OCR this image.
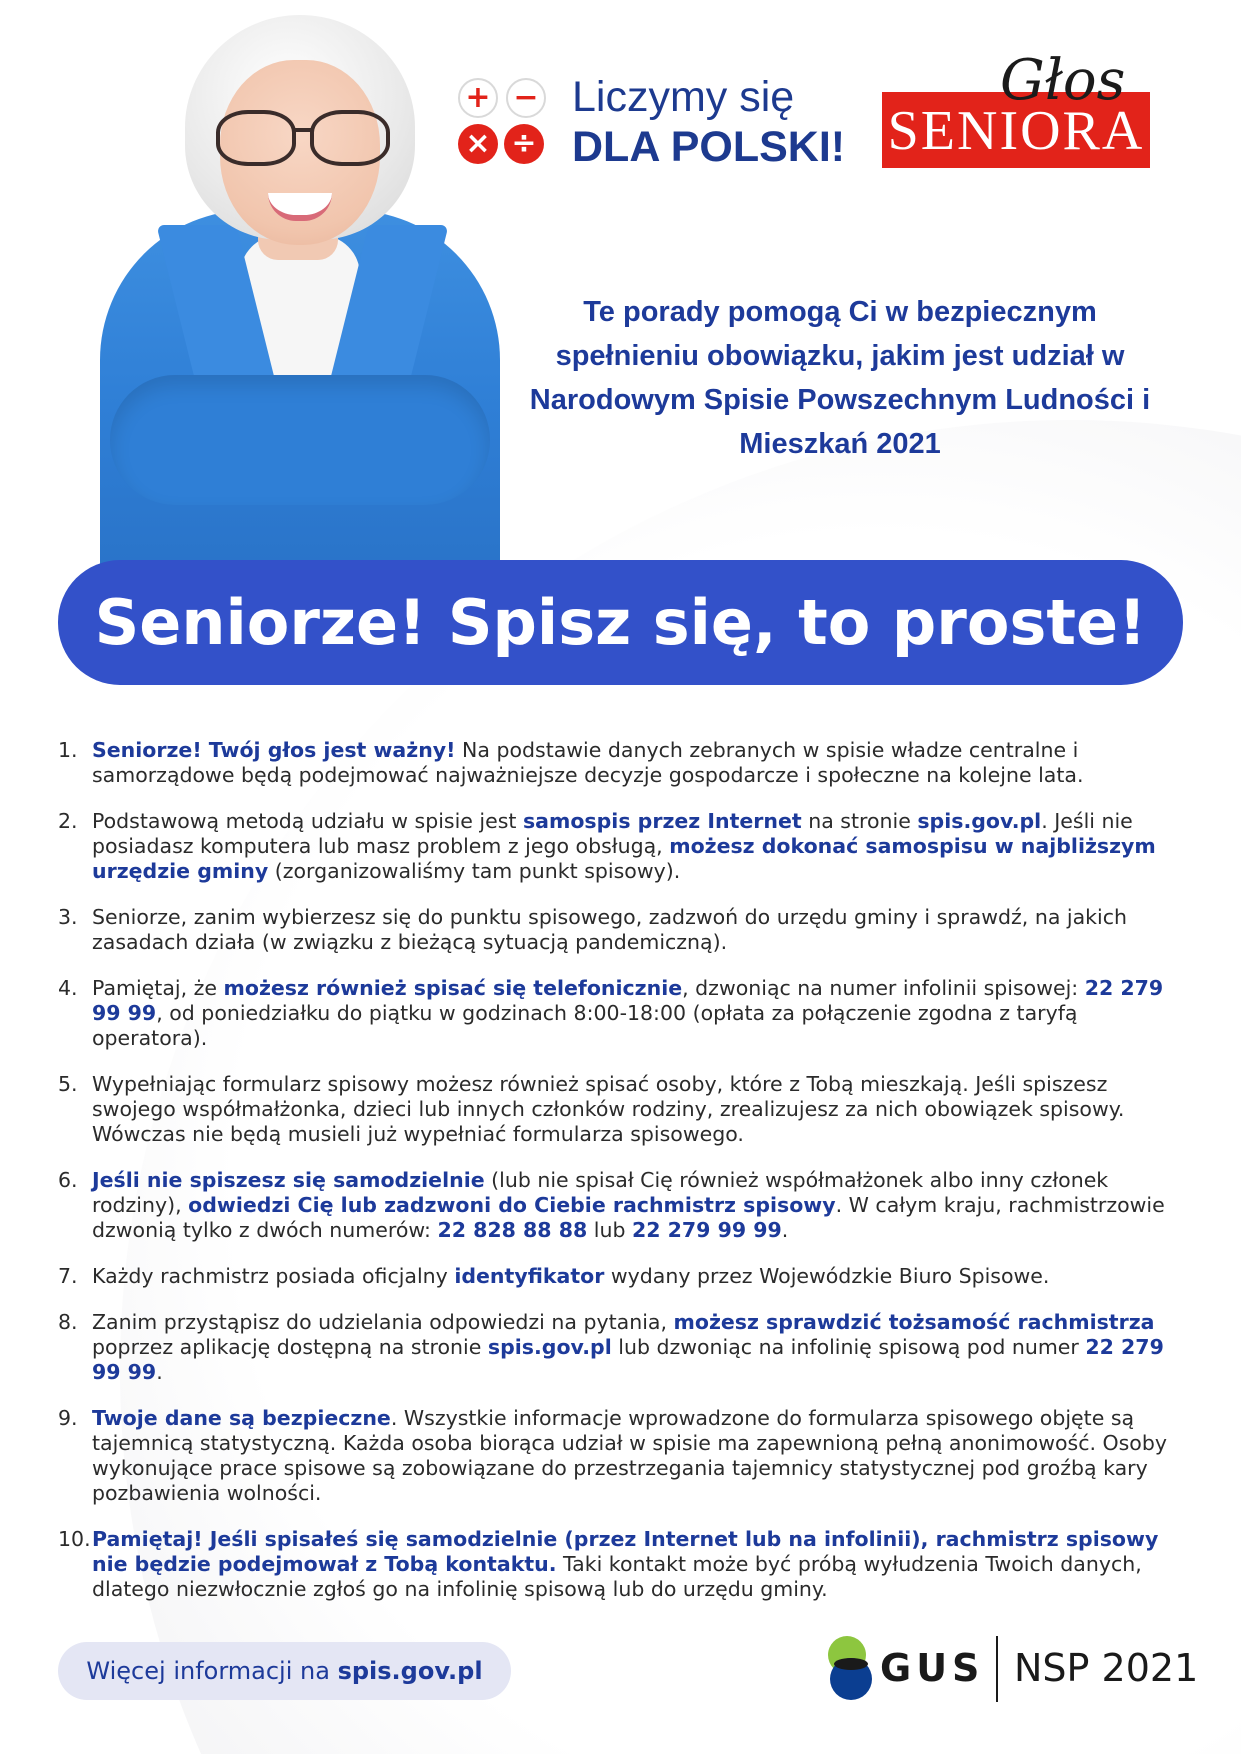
+ −
× ÷
Liczymy się
DLA POLSKI! SENIORA
Głos
Te porady pomogą Ci w bezpiecznym spełnieniu obowiązku, jakim jest udział w Narodowym Spisie Powszechnym Ludności i Mieszkań 2021
Seniorze! Spisz się, to proste!
1. Seniorze! Twój głos jest ważny! Na podstawie danych zebranych w spisie władze centralne i samorządowe będą podejmować najważniejsze decyzje gospodarcze i społeczne na kolejne lata.
2. Podstawową metodą udziału w spisie jest samospis przez Internet na stronie spis.gov.pl. Jeśli nie posiadasz komputera lub masz problem z jego obsługą, możesz dokonać samospisu w najbliższym urzędzie gminy (zorganizowaliśmy tam punkt spisowy).
3. Seniorze, zanim wybierzesz się do punktu spisowego, zadzwoń do urzędu gminy i sprawdź, na jakich zasadach działa (w związku z bieżącą sytuacją pandemiczną).
4. Pamiętaj, że możesz również spisać się telefonicznie, dzwoniąc na numer infolinii spisowej: 22 279 99 99, od poniedziałku do piątku w godzinach 8:00-18:00 (opłata za połączenie zgodna z taryfą operatora).
5. Wypełniając formularz spisowy możesz również spisać osoby, które z Tobą mieszkają. Jeśli spiszesz swojego współmałżonka, dzieci lub innych członków rodziny, zrealizujesz za nich obowiązek spisowy. Wówczas nie będą musieli już wypełniać formularza spisowego.
6. Jeśli nie spiszesz się samodzielnie (lub nie spisał Cię również współmałżonek albo inny członek rodziny), odwiedzi Cię lub zadzwoni do Ciebie rachmistrz spisowy. W całym kraju, rachmistrzowie dzwonią tylko z dwóch numerów: 22 828 88 88 lub 22 279 99 99.
7. Każdy rachmistrz posiada oficjalny identyfikator wydany przez Wojewódzkie Biuro Spisowe.
8. Zanim przystąpisz do udzielania odpowiedzi na pytania, możesz sprawdzić tożsamość rachmistrza poprzez aplikację dostępną na stronie spis.gov.pl lub dzwoniąc na infolinię spisową pod numer 22 279 99 99.
9. Twoje dane są bezpieczne. Wszystkie informacje wprowadzone do formularza spisowego objęte są tajemnicą statystyczną. Każda osoba biorąca udział w spisie ma zapewnioną pełną anonimowość. Osoby wykonujące prace spisowe są zobowiązane do przestrzegania tajemnicy statystycznej pod groźbą kary pozbawienia wolności.
10. Pamiętaj! Jeśli spisałeś się samodzielnie (przez Internet lub na infolinii), rachmistrz spisowy nie będzie podejmował z Tobą kontaktu. Taki kontakt może być próbą wyłudzenia Twoich danych, dlatego niezwłocznie zgłoś go na infolinię spisową lub do urzędu gminy.
Więcej informacji na spis.gov.pl	GUS NSP 2021
